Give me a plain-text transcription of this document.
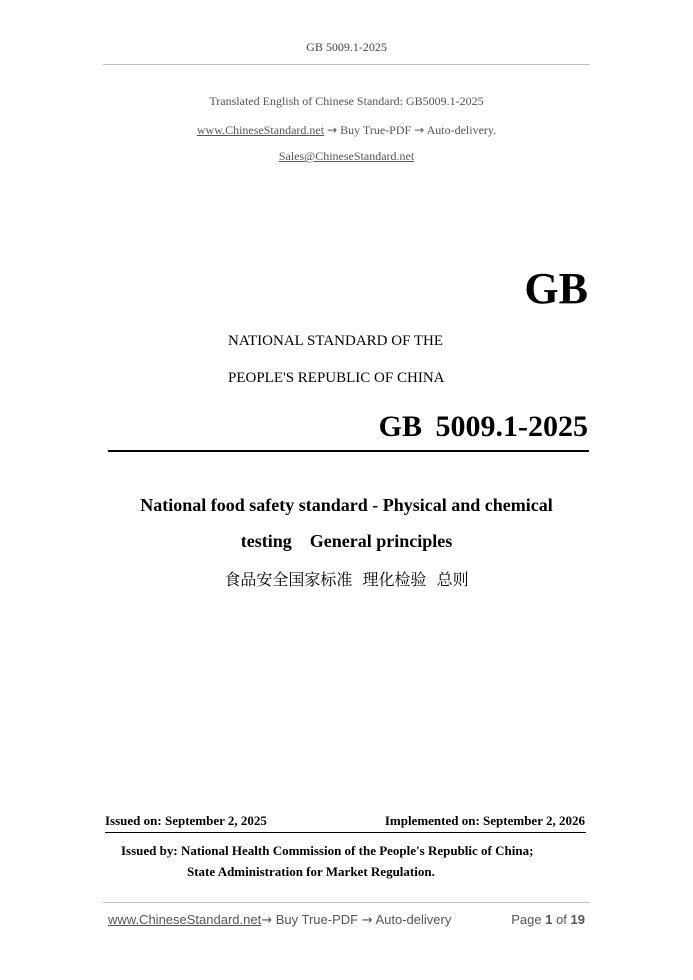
GB 5009.1-2025
Translated English of Chinese Standard: GB5009.1-2025
www.ChineseStandard.net → Buy True-PDF → Auto-delivery.
Sales@ChineseStandard.net
GB
NATIONAL STANDARD OF THE
PEOPLE'S REPUBLIC OF CHINA
GB 5009.1-2025
National food safety standard - Physical and chemical
testing    General principles
食品安全国家标准  理化检验  总则
Issued on: September 2, 2025	Implemented on: September 2, 2026
Issued by: National Health Commission of the People's Republic of China;
State Administration for Market Regulation.
www.ChineseStandard.net→ Buy True-PDF → Auto-delivery	Page 1 of 19
